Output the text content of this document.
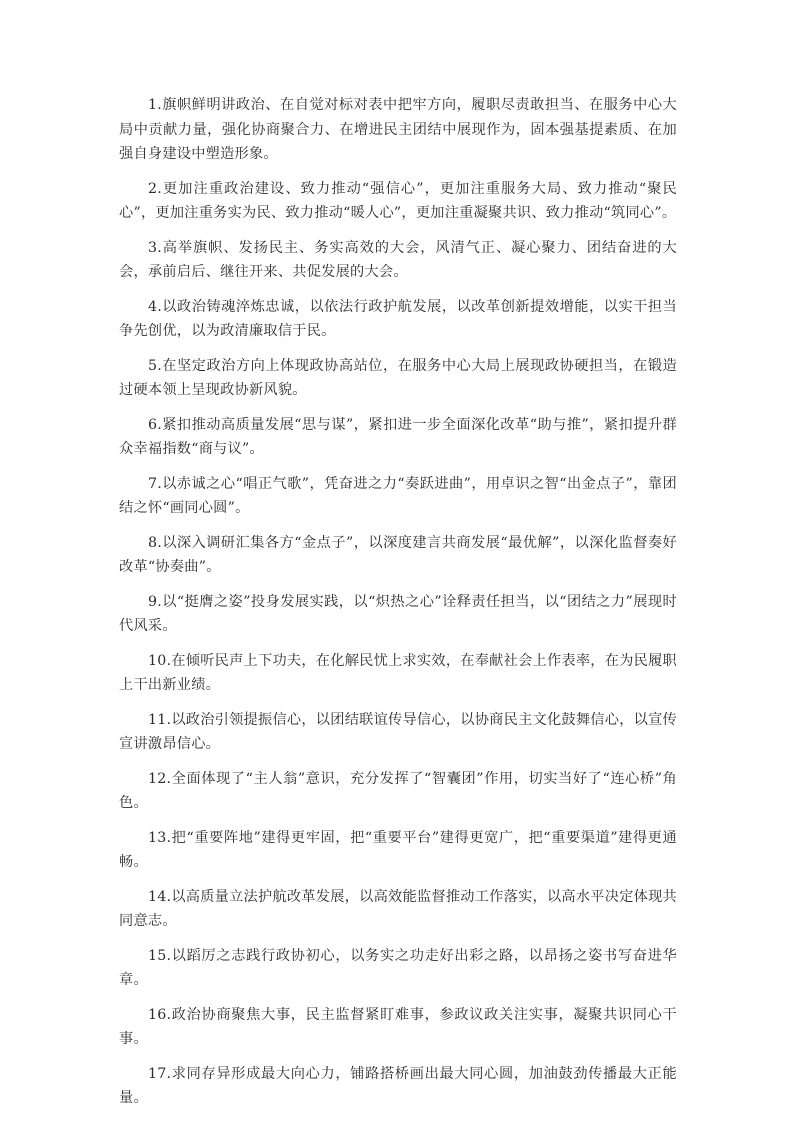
1.旗帜鲜明讲政治、在自觉对标对表中把牢方向，履职尽责敢担当、在服务中心大局中贡献力量，强化协商聚合力、在增进民主团结中展现作为，固本强基提素质、在加强自身建设中塑造形象。

2.更加注重政治建设、致力推动“强信心”，更加注重服务大局、致力推动“聚民心”，更加注重务实为民、致力推动“暖人心”，更加注重凝聚共识、致力推动“筑同心”。

3.高举旗帜、发扬民主、务实高效的大会，风清气正、凝心聚力、团结奋进的大会，承前启后、继往开来、共促发展的大会。

4.以政治铸魂淬炼忠诚，以依法行政护航发展，以改革创新提效增能，以实干担当争先创优，以为政清廉取信于民。

5.在坚定政治方向上体现政协高站位，在服务中心大局上展现政协硬担当，在锻造过硬本领上呈现政协新风貌。

6.紧扣推动高质量发展“思与谋”，紧扣进一步全面深化改革“助与推”，紧扣提升群众幸福指数“商与议”。

7.以赤诚之心“唱正气歌”，凭奋进之力“奏跃进曲”，用卓识之智“出金点子”，靠团结之怀“画同心圆”。

8.以深入调研汇集各方“金点子”，以深度建言共商发展“最优解”，以深化监督奏好改革“协奏曲”。

9.以“挺膺之姿”投身发展实践，以“炽热之心”诠释责任担当，以“团结之力”展现时代风采。

10.在倾听民声上下功夫，在化解民忧上求实效，在奉献社会上作表率，在为民履职上干出新业绩。

11.以政治引领提振信心，以团结联谊传导信心，以协商民主文化鼓舞信心，以宣传宣讲激昂信心。

12.全面体现了“主人翁”意识，充分发挥了“智囊团”作用，切实当好了“连心桥”角色。

13.把“重要阵地”建得更牢固，把“重要平台”建得更宽广，把“重要渠道”建得更通畅。

14.以高质量立法护航改革发展，以高效能监督推动工作落实，以高水平决定体现共同意志。

15.以蹈厉之志践行政协初心，以务实之功走好出彩之路，以昂扬之姿书写奋进华章。

16.政治协商聚焦大事，民主监督紧盯难事，参政议政关注实事，凝聚共识同心干事。

17.求同存异形成最大向心力，铺路搭桥画出最大同心圆，加油鼓劲传播最大正能量。
